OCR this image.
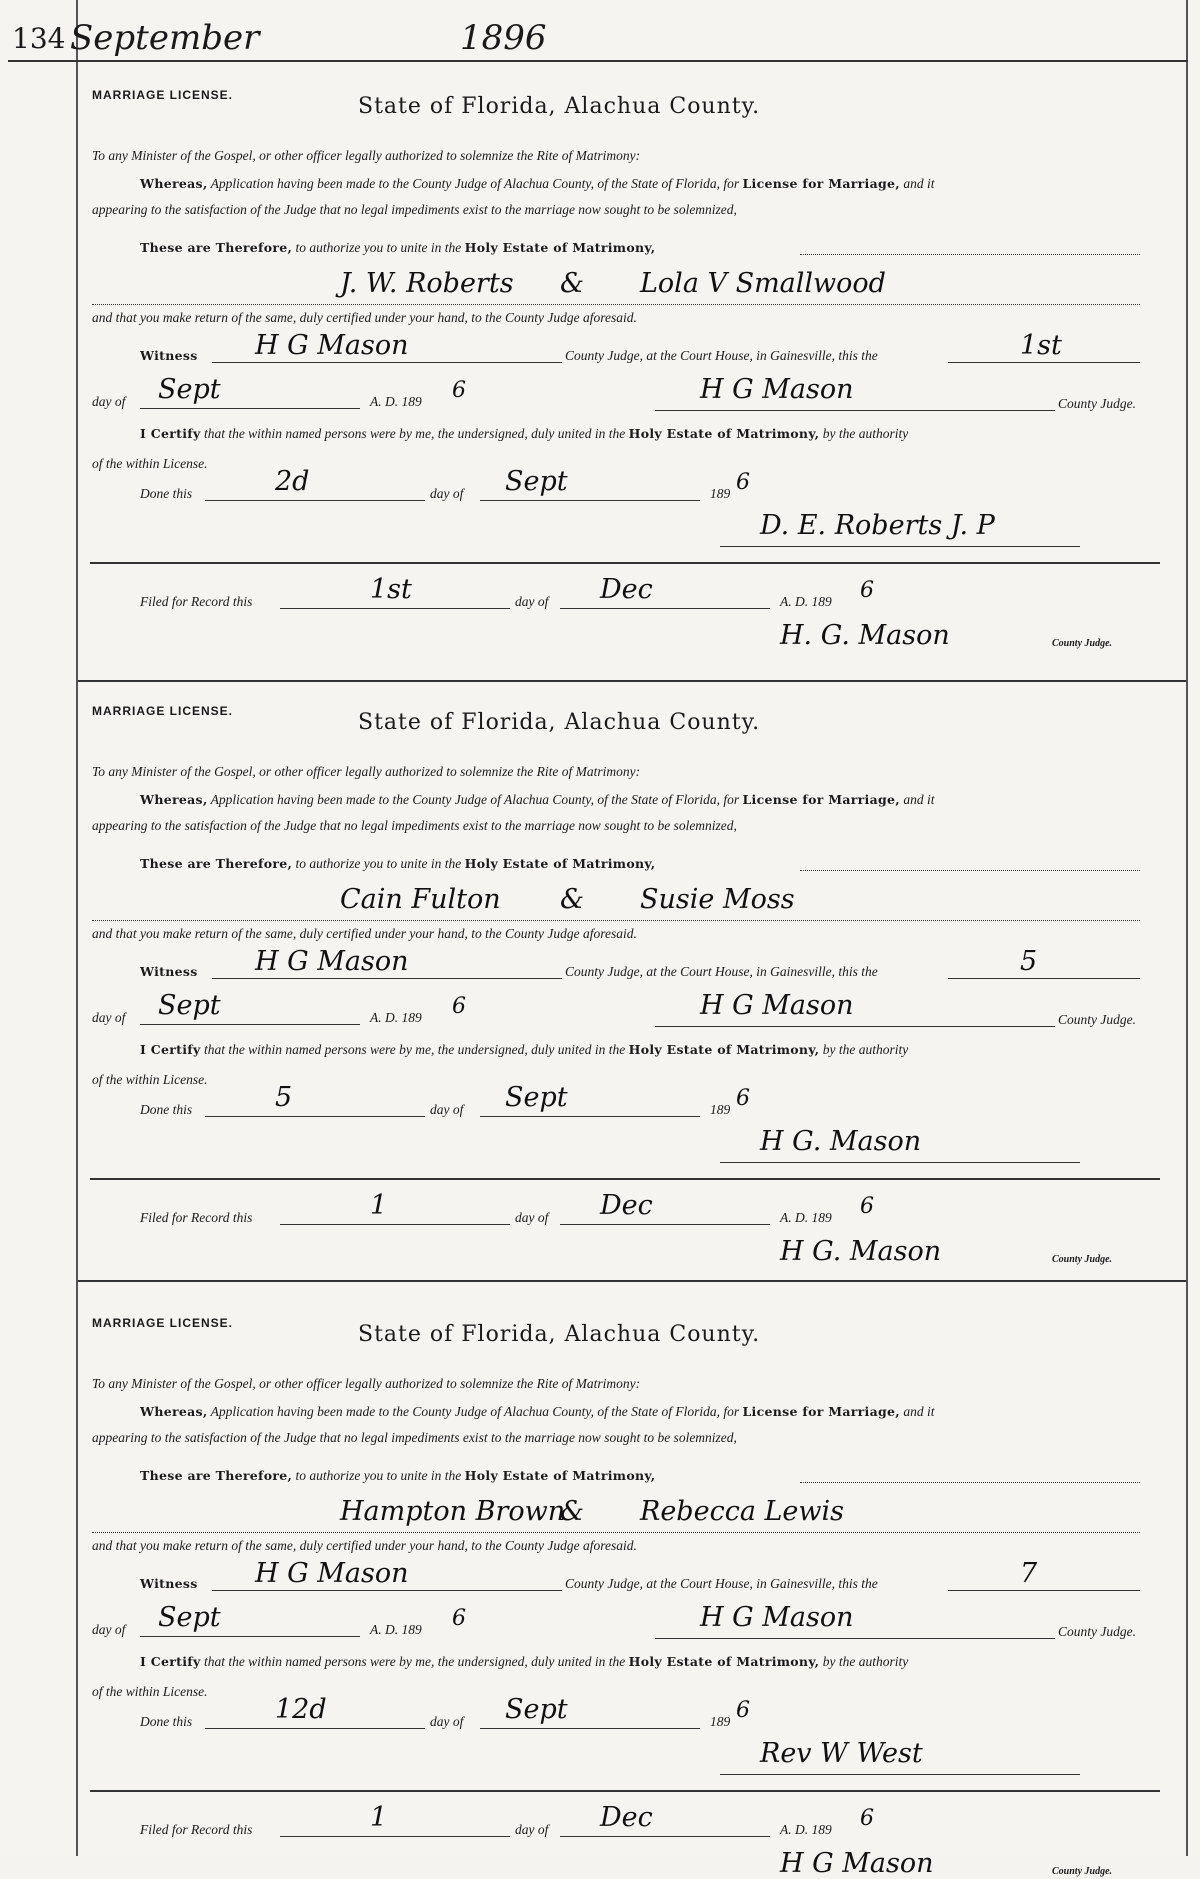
134 September	1896
MARRIAGE LICENSE.	State of Florida, Alachua County.
To any Minister of the Gospel, or other officer legally authorized to solemnize the Rite of Matrimony:
Whereas, Application having been made to the County Judge of Alachua County, of the State of Florida, for License for Marriage, and it
appearing to the satisfaction of the Judge that no legal impediments exist to the marriage now sought to be solemnized,
These are Therefore, to authorize you to unite in the Holy Estate of Matrimony,
J. W. Roberts & Lola V Smallwood
and that you make return of the same, duly certified under your hand, to the County Judge aforesaid.
Witness H G Mason	County Judge, at the Court House, in Gainesville, this the	1st
day of Sept	A. D. 189 6	H G Mason	County Judge.
I Certify that the within named persons were by me, the undersigned, duly united in the Holy Estate of Matrimony, by the authority
of the within License.
Done this	2d	day of Sept	189 6
D. E. Roberts J. P
Filed for Record this	1st	day of Dec	A. D. 189 6
H. G. Mason	County Judge.
MARRIAGE LICENSE.	State of Florida, Alachua County.
To any Minister of the Gospel, or other officer legally authorized to solemnize the Rite of Matrimony:
Whereas, Application having been made to the County Judge of Alachua County, of the State of Florida, for License for Marriage, and it
appearing to the satisfaction of the Judge that no legal impediments exist to the marriage now sought to be solemnized,
These are Therefore, to authorize you to unite in the Holy Estate of Matrimony,
Cain Fulton & Susie Moss
and that you make return of the same, duly certified under your hand, to the County Judge aforesaid.
Witness H G Mason	County Judge, at the Court House, in Gainesville, this the	5
day of Sept	A. D. 189 6	H G Mason	County Judge.
I Certify that the within named persons were by me, the undersigned, duly united in the Holy Estate of Matrimony, by the authority
of the within License.
Done this	5	day of Sept	189 6
H G. Mason
Filed for Record this	1	day of Dec	A. D. 189 6
H G. Mason	County Judge.
MARRIAGE LICENSE.	State of Florida, Alachua County.
To any Minister of the Gospel, or other officer legally authorized to solemnize the Rite of Matrimony:
Whereas, Application having been made to the County Judge of Alachua County, of the State of Florida, for License for Marriage, and it
appearing to the satisfaction of the Judge that no legal impediments exist to the marriage now sought to be solemnized,
These are Therefore, to authorize you to unite in the Holy Estate of Matrimony,
Hampton Brown
& Rebecca Lewis
and that you make return of the same, duly certified under your hand, to the County Judge aforesaid.
Witness H G Mason	County Judge, at the Court House, in Gainesville, this the	7
day of Sept	A. D. 189 6	H G Mason	County Judge.
I Certify that the within named persons were by me, the undersigned, duly united in the Holy Estate of Matrimony, by the authority
of the within License.
Done this	12d	day of Sept	189 6
Rev W West
Filed for Record this	1	day of Dec	A. D. 189 6
H G Mason	County Judge.
